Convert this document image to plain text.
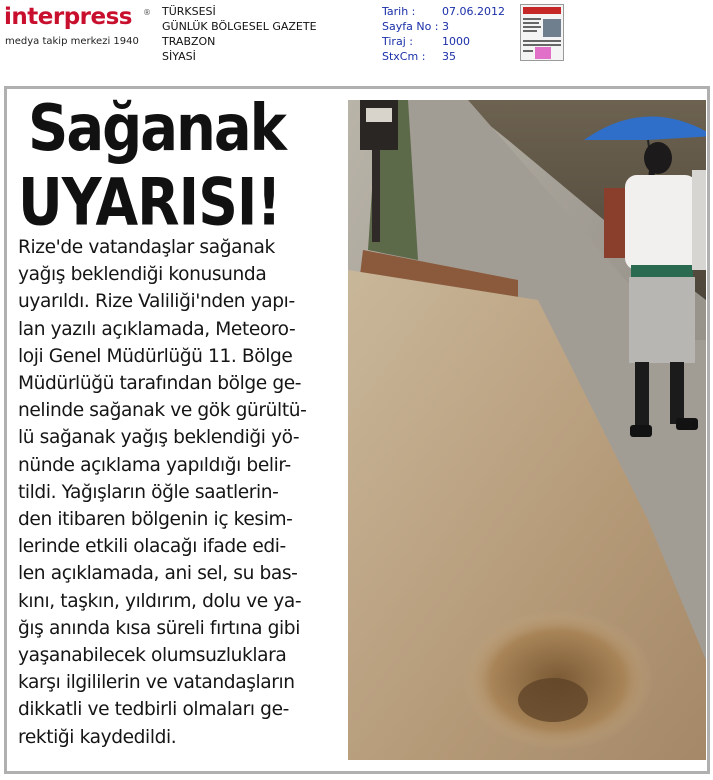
interpress ®
medya takip merkezi 1940
TÜRKSESİ
GÜNLÜK BÖLGESEL GAZETE
TRABZON
SİYASİ
Tarih : 07.06.2012
Sayfa No : 3
Tiraj :	1000
StxCm : 35
Sağanak
UYARISI!
Rize'de vatandaşlar sağanak
yağış beklendiği konusunda
uyarıldı. Rize Valiliği'nden yapı-
lan yazılı açıklamada, Meteoro-
loji Genel Müdürlüğü 11. Bölge
Müdürlüğü tarafından bölge ge-
nelinde sağanak ve gök gürültü-
lü sağanak yağış beklendiği yö-
nünde açıklama yapıldığı belir-
tildi. Yağışların öğle saatlerin-
den itibaren bölgenin iç kesim-
lerinde etkili olacağı ifade edi-
len açıklamada, ani sel, su bas-
kını, taşkın, yıldırım, dolu ve ya-
ğış anında kısa süreli fırtına gibi
yaşanabilecek olumsuzluklara
karşı ilgililerin ve vatandaşların
dikkatli ve tedbirli olmaları ge-
rektiği kaydedildi.
